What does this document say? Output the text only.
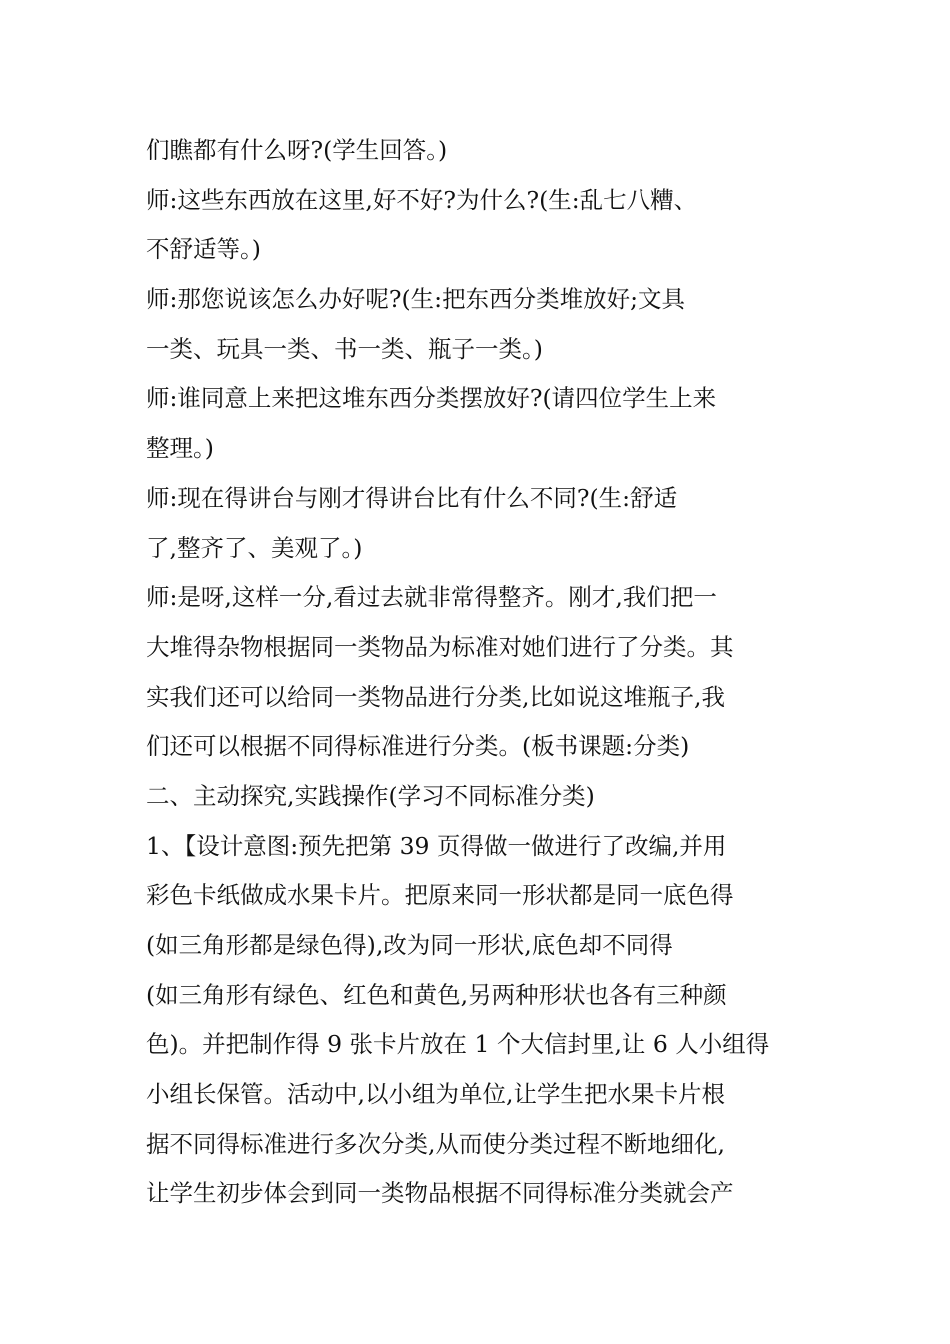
们瞧都有什么呀?(学生回答。)
师:这些东西放在这里,好不好?为什么?(生:乱七八糟、
不舒适等。)
师:那您说该怎么办好呢?(生:把东西分类堆放好;文具
一类、玩具一类、书一类、瓶子一类。)
师:谁同意上来把这堆东西分类摆放好?(请四位学生上来
整理。)
师:现在得讲台与刚才得讲台比有什么不同?(生:舒适
了,整齐了、美观了。)
师:是呀,这样一分,看过去就非常得整齐。刚才,我们把一
大堆得杂物根据同一类物品为标准对她们进行了分类。其
实我们还可以给同一类物品进行分类,比如说这堆瓶子,我
们还可以根据不同得标准进行分类。(板书课题:分类)
二、主动探究,实践操作(学习不同标准分类)
1、【设计意图:预先把第 39 页得做一做进行了改编,并用
彩色卡纸做成水果卡片。把原来同一形状都是同一底色得
(如三角形都是绿色得),改为同一形状,底色却不同得
(如三角形有绿色、红色和黄色,另两种形状也各有三种颜
色)。并把制作得 9 张卡片放在 1 个大信封里,让 6 人小组得
小组长保管。活动中,以小组为单位,让学生把水果卡片根
据不同得标准进行多次分类,从而使分类过程不断地细化,
让学生初步体会到同一类物品根据不同得标准分类就会产
